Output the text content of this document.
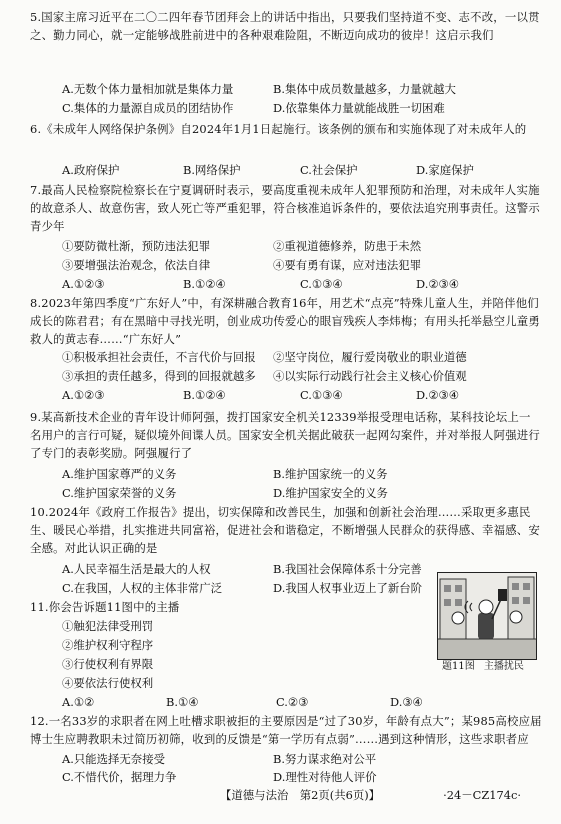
5.国家主席习近平在二〇二四年春节团拜会上的讲话中指出，只要我们坚持道不变、志不改，一以贯之、勤力同心，就一定能够战胜前进中的各种艰难险阻，不断迈向成功的彼岸！这启示我们
A.无数个体力量相加就是集体力量	B.集体中成员数量越多，力量就越大
C.集体的力量源自成员的团结协作	D.依靠集体力量就能战胜一切困难
6.《未成年人网络保护条例》自2024年1月1日起施行。该条例的颁布和实施体现了对未成年人的
A.政府保护	B.网络保护	C.社会保护	D.家庭保护
7.最高人民检察院检察长在宁夏调研时表示，要高度重视未成年人犯罪预防和治理，对未成年人实施的故意杀人、故意伤害，致人死亡等严重犯罪，符合核准追诉条件的，要依法追究刑事责任。这警示青少年
①要防微杜渐，预防违法犯罪	②重视道德修养，防患于未然
③要增强法治观念，依法自律	④要有勇有谋，应对违法犯罪
A.①②③	B.①②④	C.①③④	D.②③④
8.2023年第四季度“广东好人”中，有深耕融合教育16年，用艺术“点亮”特殊儿童人生，并陪伴他们成长的陈君君；有在黑暗中寻找光明，创业成功传爱心的眼盲残疾人李炜梅；有用头托举悬空儿童勇救人的黄志春……“广东好人”
①积极承担社会责任，不言代价与回报 ②坚守岗位，履行爱岗敬业的职业道德
③承担的责任越多，得到的回报就越多 ④以实际行动践行社会主义核心价值观
A.①②③	B.①②④	C.①③④	D.②③④
9.某高新技术企业的青年设计师阿强，拨打国家安全机关12339举报受理电话称，某科技论坛上一名用户的言行可疑，疑似境外间谍人员。国家安全机关据此破获一起网勾案件，并对举报人阿强进行了专门的表彰奖励。阿强履行了
A.维护国家尊严的义务	B.维护国家统一的义务
C.维护国家荣誉的义务	D.维护国家安全的义务
10.2024年《政府工作报告》提出，切实保障和改善民生，加强和创新社会治理……采取更多惠民生、暖民心举措，扎实推进共同富裕，促进社会和谐稳定，不断增强人民群众的获得感、幸福感、安全感。对此认识正确的是
A.人民幸福生活是最大的人权	B.我国社会保障体系十分完善
C.在我国，人权的主体非常广泛	D.我国人权事业迈上了新台阶
11.你会告诉题11图中的主播
①触犯法律受刑罚
②维护权利守程序
③行使权利有界限
④要依法行使权利
A.①②	B.①④	C.②③	D.③④
题11图 主播扰民
12.一名33岁的求职者在网上吐槽求职被拒的主要原因是“过了30岁，年龄有点大”；某985高校应届博士生应聘教职未过简历初筛，收到的反馈是“第一学历有点弱”……遇到这种情形，这些求职者应
A.只能选择无奈接受	B.努力谋求绝对公平
C.不惜代价，据理力争	D.理性对待他人评价
【道德与法治　第2页(共6页)】	·24－CZ174c·
